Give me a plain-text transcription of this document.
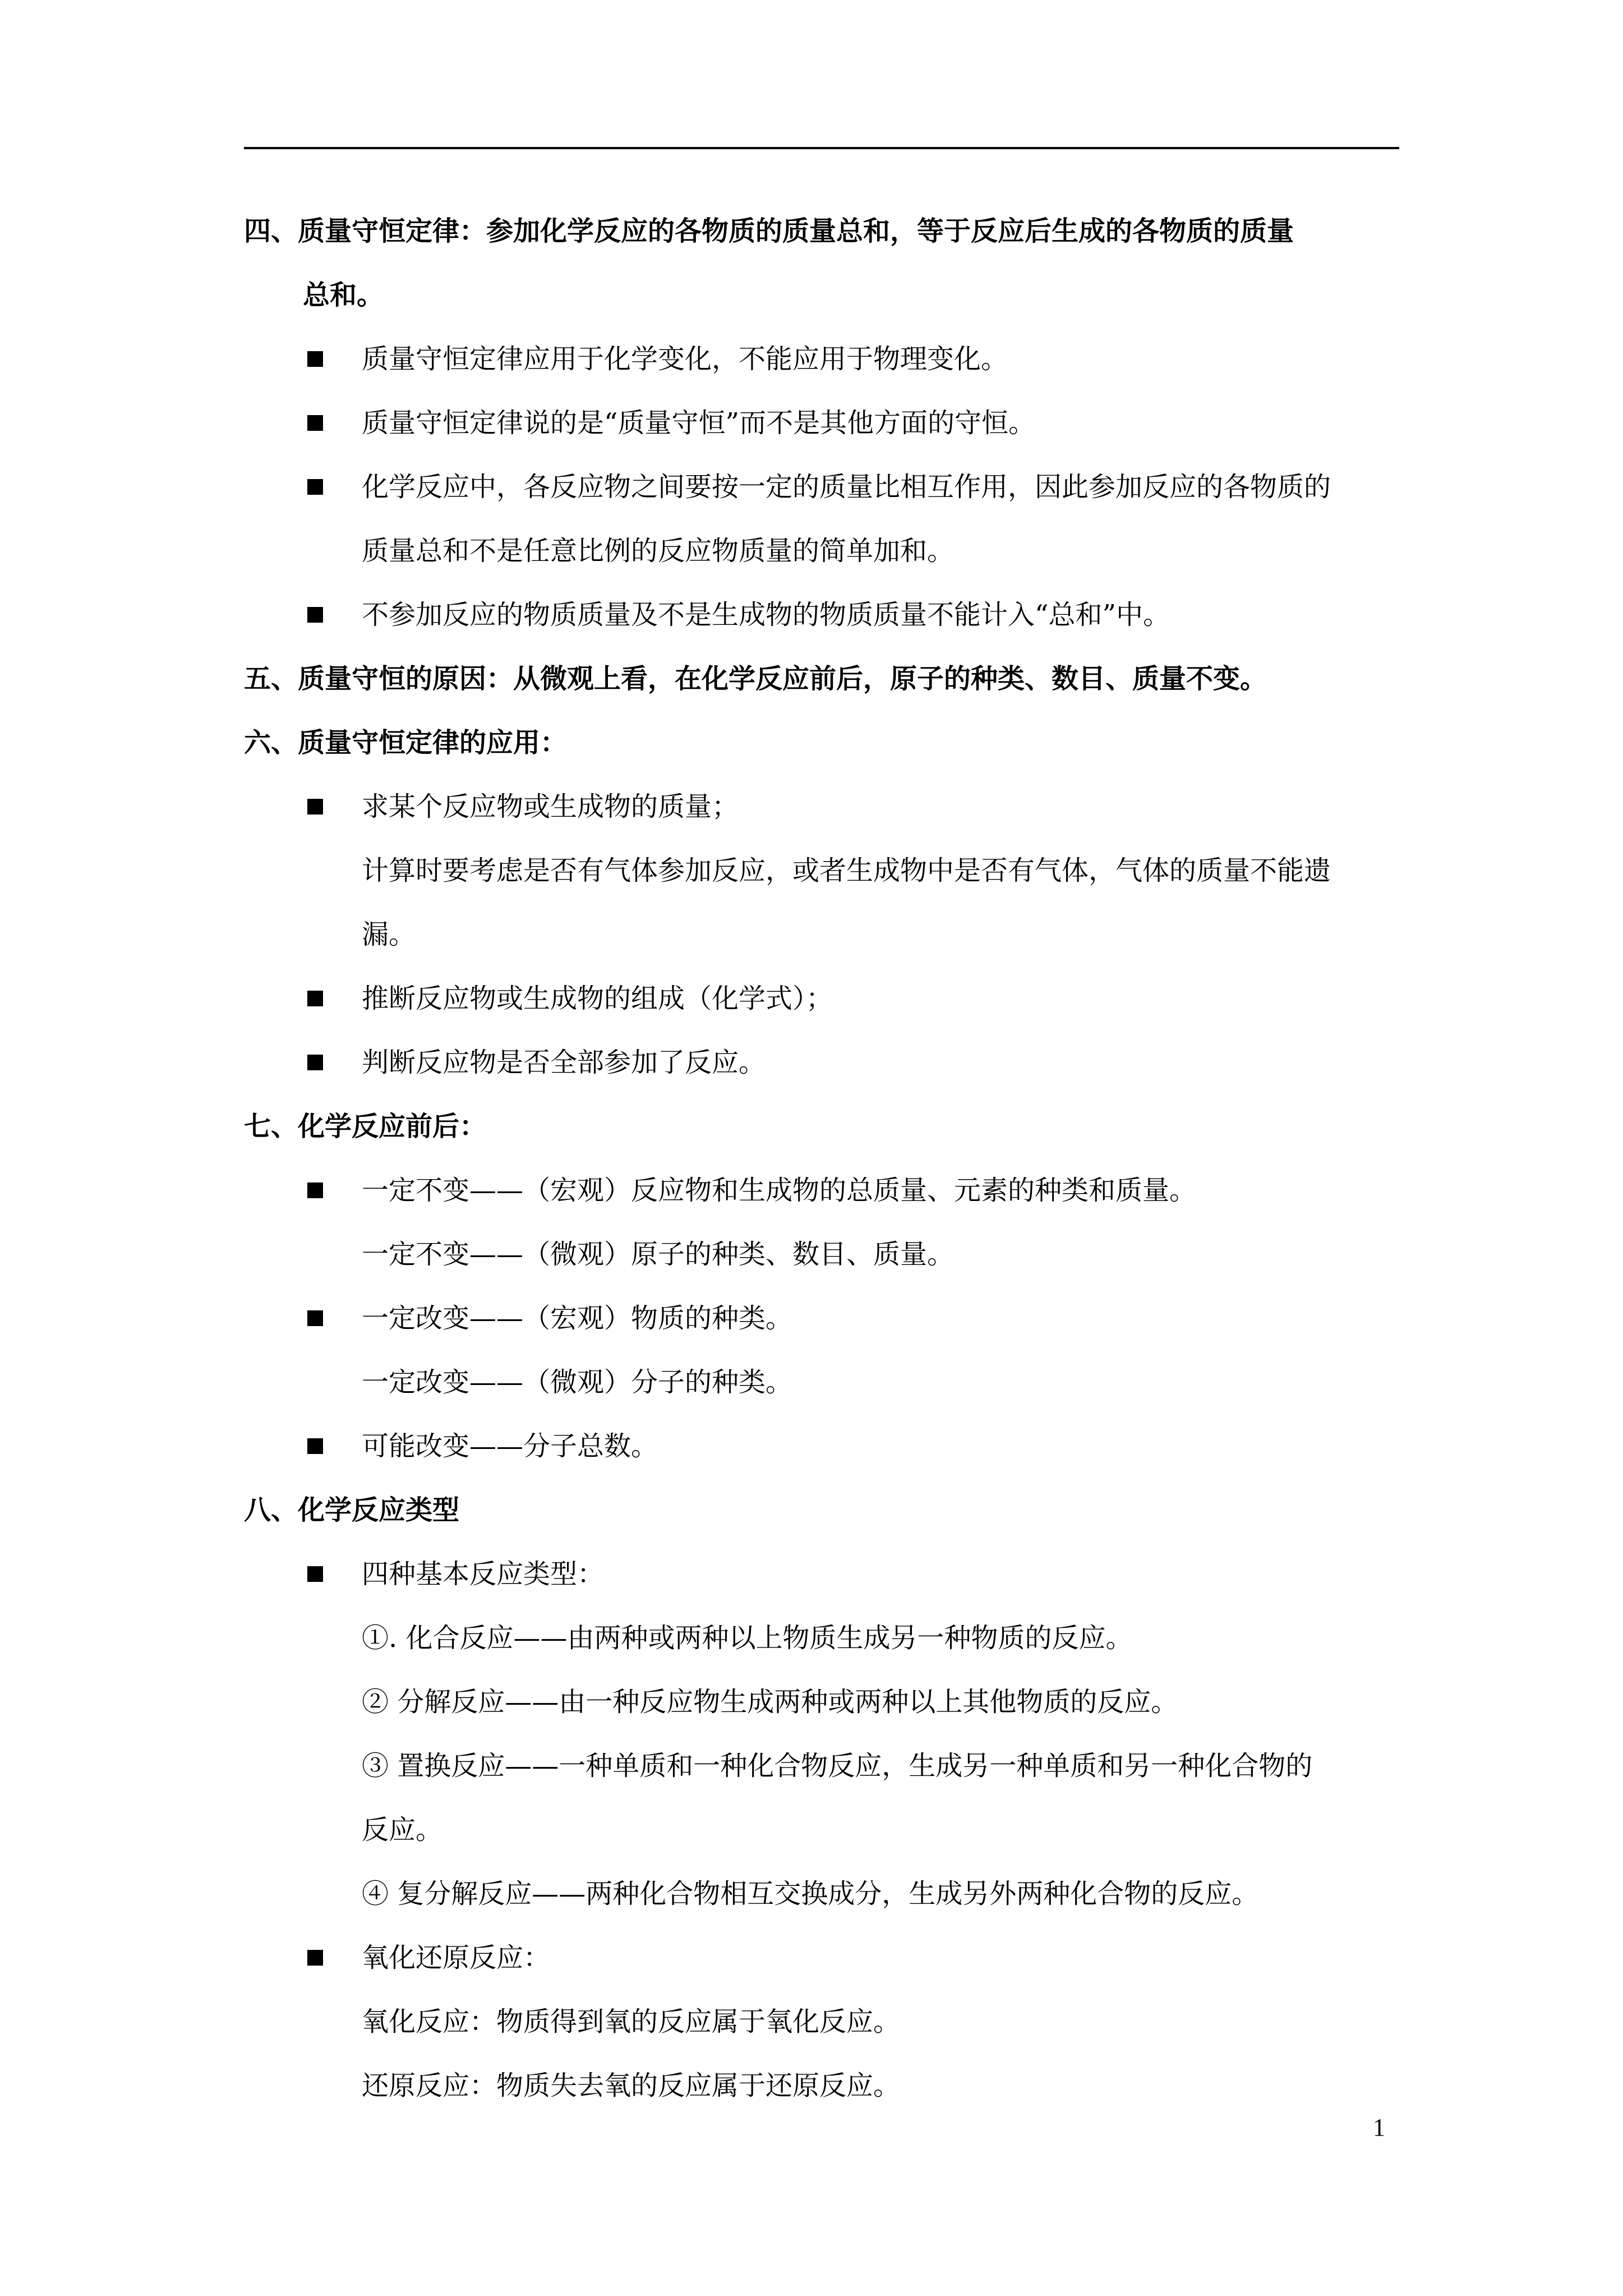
四、质量守恒定律：参加化学反应的各物质的质量总和，等于反应后生成的各物质的质量
总和。
质量守恒定律应用于化学变化，不能应用于物理变化。
质量守恒定律说的是“质量守恒”而不是其他方面的守恒。
化学反应中，各反应物之间要按一定的质量比相互作用，因此参加反应的各物质的
质量总和不是任意比例的反应物质量的简单加和。
不参加反应的物质质量及不是生成物的物质质量不能计入“总和”中。
五、质量守恒的原因：从微观上看，在化学反应前后，原子的种类、数目、质量不变。
六、质量守恒定律的应用：
求某个反应物或生成物的质量；
计算时要考虑是否有气体参加反应，或者生成物中是否有气体，气体的质量不能遗
漏。
推断反应物或生成物的组成（化学式）；
判断反应物是否全部参加了反应。
七、化学反应前后：
一定不变——（宏观）反应物和生成物的总质量、元素的种类和质量。
一定不变——（微观）原子的种类、数目、质量。
一定改变——（宏观）物质的种类。
一定改变——（微观）分子的种类。
可能改变——分子总数。
八、化学反应类型
四种基本反应类型：
①. 化合反应——由两种或两种以上物质生成另一种物质的反应。
② 分解反应——由一种反应物生成两种或两种以上其他物质的反应。
③ 置换反应——一种单质和一种化合物反应，生成另一种单质和另一种化合物的
反应。
④ 复分解反应——两种化合物相互交换成分，生成另外两种化合物的反应。
氧化还原反应：
氧化反应：物质得到氧的反应属于氧化反应。
还原反应：物质失去氧的反应属于还原反应。
1
